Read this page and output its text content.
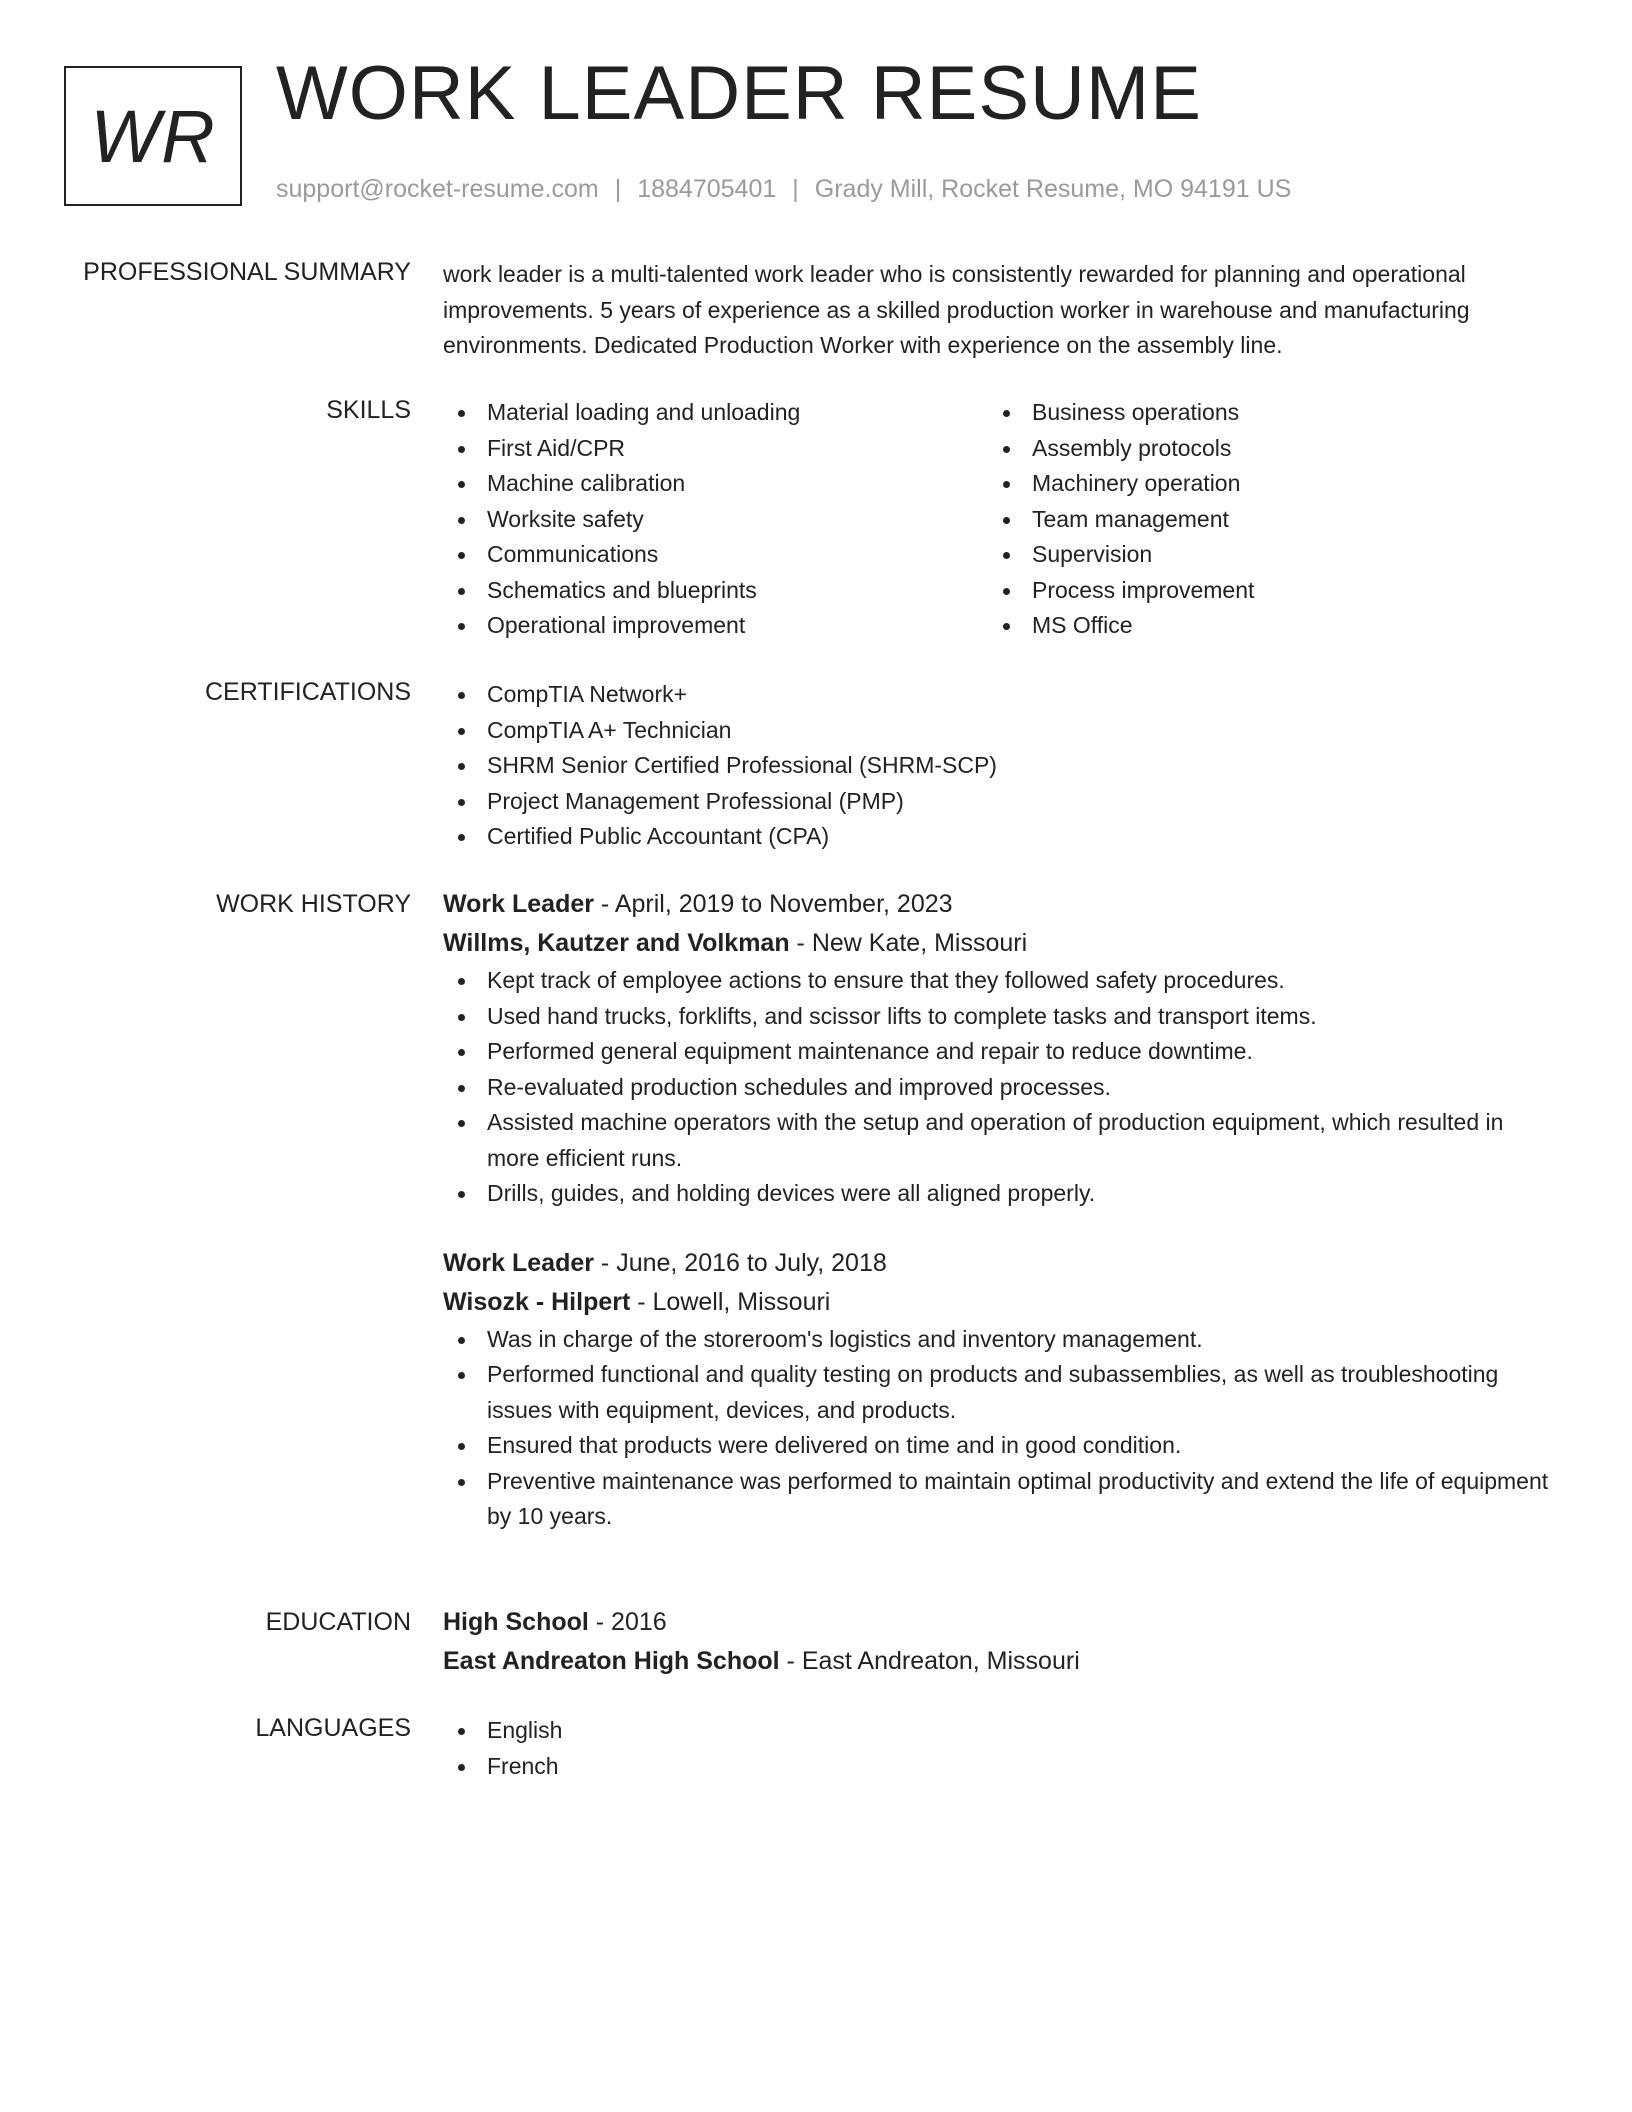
WR WORK LEADER RESUME
support@rocket-resume.com | 1884705401 | Grady Mill, Rocket Resume, MO 94191 US
PROFESSIONAL SUMMARY work leader is a multi-talented work leader who is consistently rewarded for planning and operational improvements. 5 years of experience as a skilled production worker in warehouse and manufacturing environments. Dedicated Production Worker with experience on the assembly line.

SKILLS	Material loading and unloading
First Aid/CPR
Machine calibration
Worksite safety
Communications
Schematics and blueprints
Operational improvement
Business operations
Assembly protocols
Machinery operation
Team management
Supervision
Process improvement
MS Office
CERTIFICATIONS	CompTIA Network+
CompTIA A+ Technician
SHRM Senior Certified Professional (SHRM-SCP)
Project Management Professional (PMP)
Certified Public Accountant (CPA)
WORK HISTORY Work Leader - April, 2019 to November, 2023
Willms, Kautzer and Volkman - New Kate, Missouri
Kept track of employee actions to ensure that they followed safety procedures.
Used hand trucks, forklifts, and scissor lifts to complete tasks and transport items.
Performed general equipment maintenance and repair to reduce downtime.
Re-evaluated production schedules and improved processes.
Assisted machine operators with the setup and operation of production equipment, which resulted in more efficient runs.
Drills, guides, and holding devices were all aligned properly.
Work Leader - June, 2016 to July, 2018
Wisozk - Hilpert - Lowell, Missouri
Was in charge of the storeroom's logistics and inventory management.
Performed functional and quality testing on products and subassemblies, as well as troubleshooting issues with equipment, devices, and products.
Ensured that products were delivered on time and in good condition.
Preventive maintenance was performed to maintain optimal productivity and extend the life of equipment by 10 years.
EDUCATION High School - 2016
East Andreaton High School - East Andreaton, Missouri
LANGUAGES	English
French
